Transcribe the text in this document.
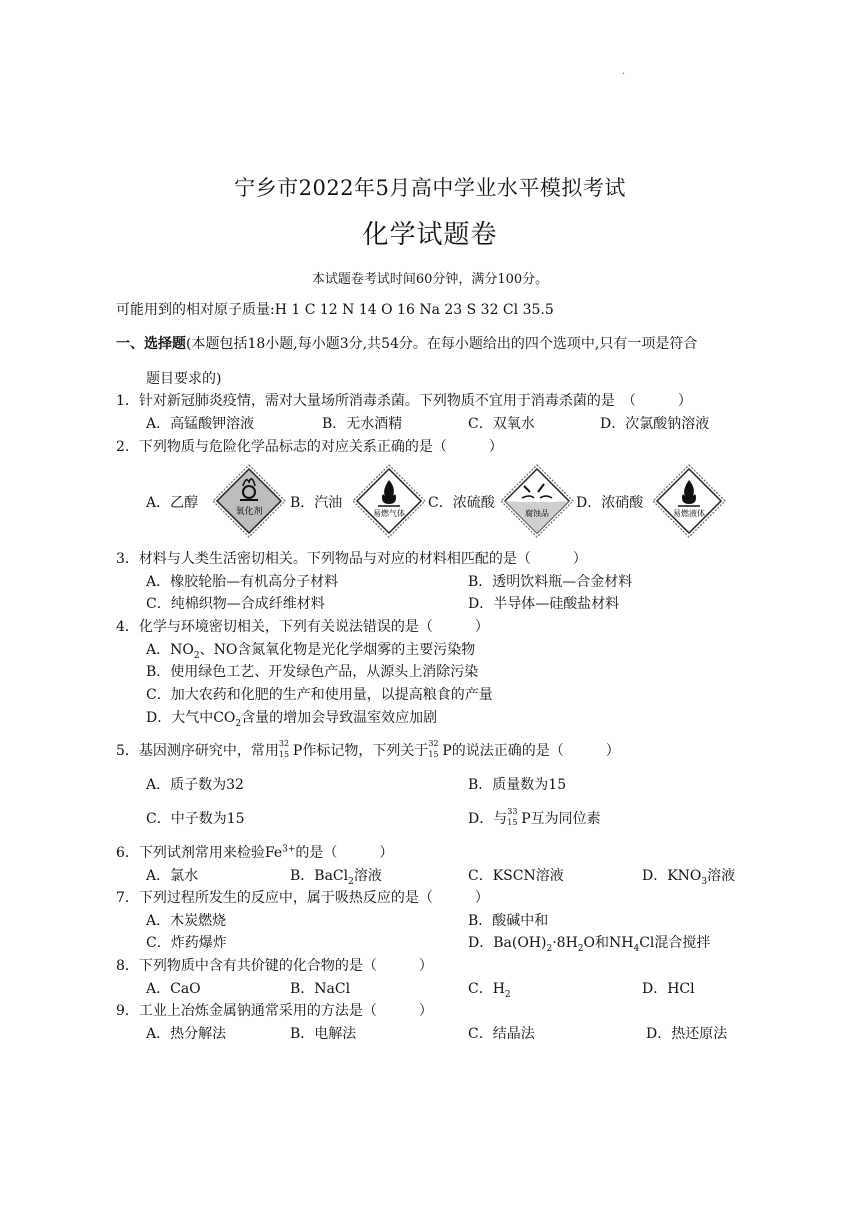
.
宁乡市2022年5月高中学业水平模拟考试
化学试题卷
本试题卷考试时间60分钟，满分100分。
可能用到的相对原子质量:H 1 C 12 N 14 O 16 Na 23 S 32 Cl 35.5
一、选择题(本题包括18小题,每小题3分,共54分。在每小题给出的四个选项中,只有一项是符合
题目要求的)
1．针对新冠肺炎疫情，需对大量场所消毒杀菌。下列物质不宜用于消毒杀菌的是　（　　　）
A．高锰酸钾溶液	B．无水酒精	C．双氧水	D．次氯酸钠溶液
2．下列物质与危险化学品标志的对应关系正确的是（　　　）
A．乙醇
氧化剂
B．汽油
易燃气体
C．浓硫酸
腐蚀品
D．浓硝酸
易燃液体
3．材料与人类生活密切相关。下列物品与对应的材料相匹配的是（　　　）
A．橡胶轮胎—有机高分子材料	B．透明饮料瓶—合金材料
C．纯棉织物—合成纤维材料	D．半导体—硅酸盐材料
4．化学与环境密切相关，下列有关说法错误的是（　　　）
A．$NO_2$、NO含氮氧化物是光化学烟雾的主要污染物
B．使用绿色工艺、开发绿色产品，从源头上消除污染
C．加大农药和化肥的生产和使用量，以提高粮食的产量
D．大气中$CO_2$含量的增加会导致温室效应加剧
5．基因测序研究中，常用 32
15 P作标记物，下列关于 32
15 P的说法正确的是（　　　）
A．质子数为32	B．质量数为15
C．中子数为15	D．与 33
15 P互为同位素
6．下列试剂常用来检验$Fe^{3+}$的是（　　　）
A．氯水	B．BaCl$_2$溶液	C．KSCN溶液	D．$KNO_3$溶液
7．下列过程所发生的反应中，属于吸热反应的是（　　　）
A．木炭燃烧	B．酸碱中和
C．炸药爆炸	D．$Ba(OH)_2\cdot 8H_2O$和$NH_4Cl$混合搅拌
8．下列物质中含有共价键的化合物的是（　　　）
A．CaO	B．NaCl	C．$H_2$	D．HCl
9．工业上冶炼金属钠通常采用的方法是（　　　）
A．热分解法	B．电解法	C．结晶法	D．热还原法
